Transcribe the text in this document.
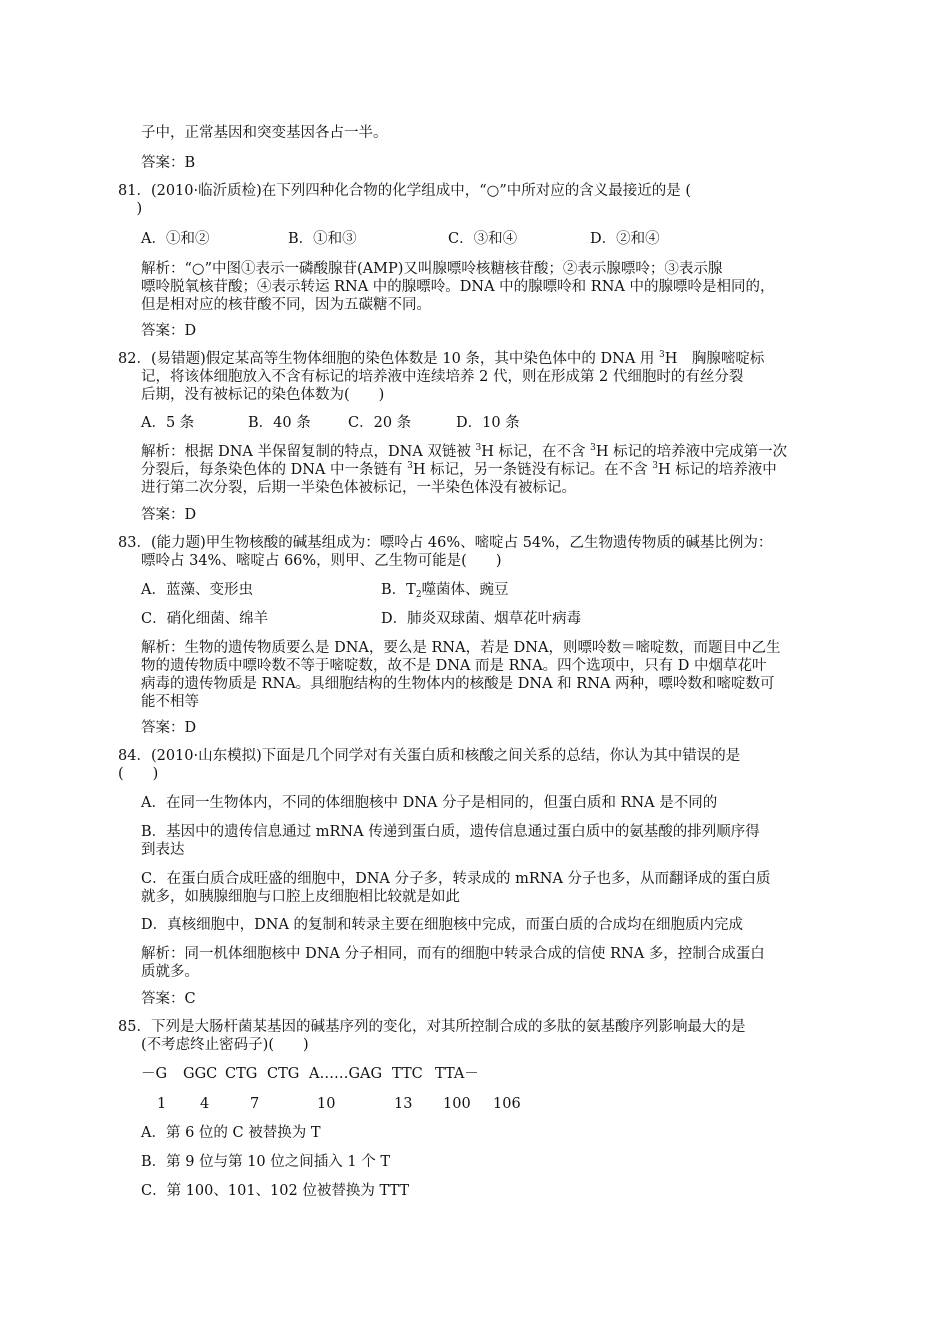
子中，正常基因和突变基因各占一半。

答案：B

81．(2010·临沂质检)在下列四种化合物的化学组成中，“○”中所对应的含义最接近的是 (

)

A．①和②	B．①和③	C．③和④	D．②和④

解析：“○”中图①表示一磷酸腺苷(AMP)又叫腺嘌呤核糖核苷酸；②表示腺嘌呤；③表示腺

嘌呤脱氧核苷酸；④表示转运 RNA 中的腺嘌呤。DNA 中的腺嘌呤和 RNA 中的腺嘌呤是相同的，

但是相对应的核苷酸不同，因为五碳糖不同。

答案：D

82．(易错题)假定某高等生物体细胞的染色体数是 10 条，其中染色体中的 DNA 用 $^3$H　胸腺嘧啶标

记，将该体细胞放入不含有标记的培养液中连续培养 2 代，则在形成第 2 代细胞时的有丝分裂

后期，没有被标记的染色体数为(　　)

A．5 条	B．40 条	C．20 条	D．10 条

解析：根据 DNA 半保留复制的特点，DNA 双链被 $^3$H 标记，在不含 $^3$H 标记的培养液中完成第一次

分裂后，每条染色体的 DNA 中一条链有 $^3$H 标记，另一条链没有标记。在不含 $^3$H 标记的培养液中

进行第二次分裂，后期一半染色体被标记，一半染色体没有被标记。

答案：D

83．(能力题)甲生物核酸的碱基组成为：嘌呤占 46%、嘧啶占 54%，乙生物遗传物质的碱基比例为：

嘌呤占 34%、嘧啶占 66%，则甲、乙生物可能是(　　)

A．蓝藻、变形虫	B．$T_2$噬菌体、豌豆

C．硝化细菌、绵羊	D．肺炎双球菌、烟草花叶病毒

解析：生物的遗传物质要么是 DNA，要么是 RNA，若是 DNA，则嘌呤数＝嘧啶数，而题目中乙生

物的遗传物质中嘌呤数不等于嘧啶数，故不是 DNA 而是 RNA。四个选项中，只有 D 中烟草花叶

病毒的遗传物质是 RNA。具细胞结构的生物体内的核酸是 DNA 和 RNA 两种，嘌呤数和嘧啶数可

能不相等

答案：D

84．(2010·山东模拟)下面是几个同学对有关蛋白质和核酸之间关系的总结，你认为其中错误的是

(　　)

A．在同一生物体内，不同的体细胞核中 DNA 分子是相同的，但蛋白质和 RNA 是不同的

B．基因中的遗传信息通过 mRNA 传递到蛋白质，遗传信息通过蛋白质中的氨基酸的排列顺序得

到表达

C．在蛋白质合成旺盛的细胞中，DNA 分子多，转录成的 mRNA 分子也多，从而翻译成的蛋白质

就多，如胰腺细胞与口腔上皮细胞相比较就是如此

D．真核细胞中，DNA 的复制和转录主要在细胞核中完成，而蛋白质的合成均在细胞质内完成

解析：同一机体细胞核中 DNA 分子相同，而有的细胞中转录合成的信使 RNA 多，控制合成蛋白

质就多。

答案：C

85．下列是大肠杆菌某基因的碱基序列的变化，对其所控制合成的多肽的氨基酸序列影响最大的是

(不考虑终止密码子)(　　)

－G GGC CTG CTG A……GAG TTC TTA－

1 4	7	10	13 100 106

A．第 6 位的 C 被替换为 T

B．第 9 位与第 10 位之间插入 1 个 T

C．第 100、101、102 位被替换为 TTT
